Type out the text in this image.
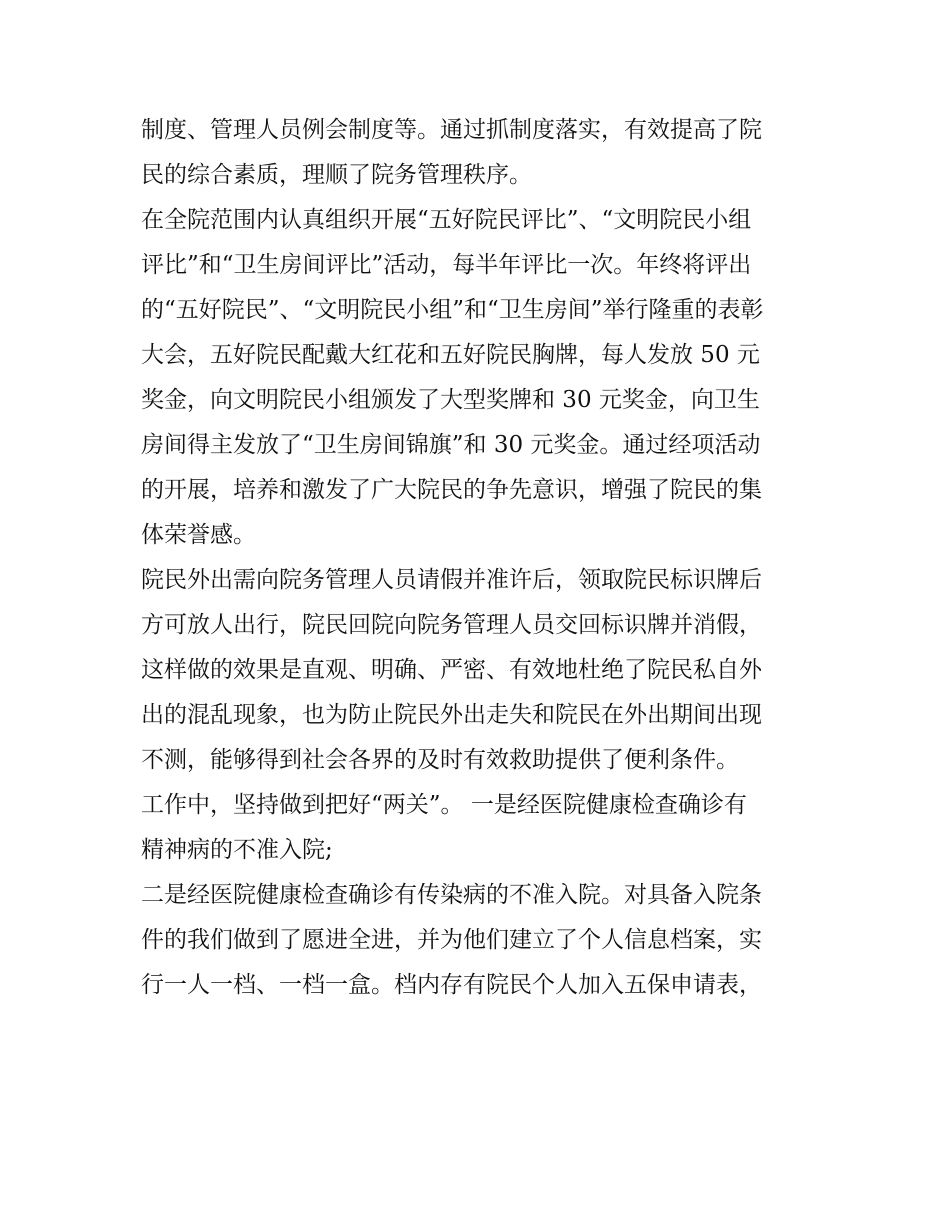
制度、管理人员例会制度等。通过抓制度落实，有效提高了院
民的综合素质，理顺了院务管理秩序。
在全院范围内认真组织开展“五好院民评比”、“文明院民小组
评比”和“卫生房间评比”活动，每半年评比一次。年终将评出
的“五好院民”、“文明院民小组”和“卫生房间”举行隆重的表彰
大会，五好院民配戴大红花和五好院民胸牌，每人发放 50 元
奖金，向文明院民小组颁发了大型奖牌和 30 元奖金，向卫生
房间得主发放了“卫生房间锦旗”和 30 元奖金。通过经项活动
的开展，培养和激发了广大院民的争先意识，增强了院民的集
体荣誉感。
院民外出需向院务管理人员请假并准许后，领取院民标识牌后
方可放人出行，院民回院向院务管理人员交回标识牌并消假，
这样做的效果是直观、明确、严密、有效地杜绝了院民私自外
出的混乱现象，也为防止院民外出走失和院民在外出期间出现
不测，能够得到社会各界的及时有效救助提供了便利条件。
工作中，坚持做到把好“两关”。 一是经医院健康检查确诊有
精神病的不准入院;
二是经医院健康检查确诊有传染病的不准入院。对具备入院条
件的我们做到了愿进全进，并为他们建立了个人信息档案，实
行一人一档、一档一盒。档内存有院民个人加入五保申请表，
